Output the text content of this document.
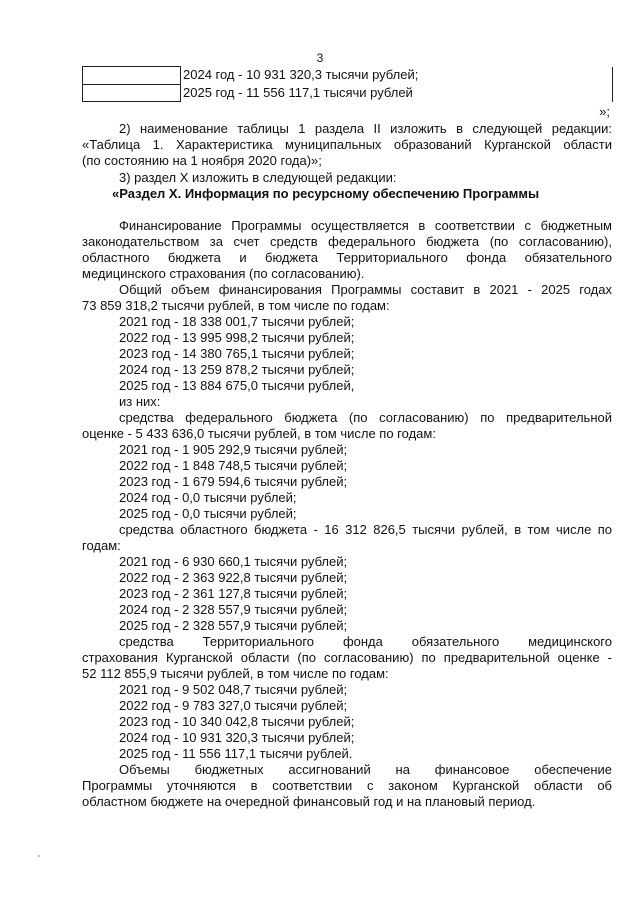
3
	2024 год - 10 931 320,3 тысячи рублей;
	2025 год - 11 556 117,1 тысячи рублей
»;
2) наименование таблицы 1 раздела II изложить в следующей редакции:
«Таблица 1. Характеристика муниципальных образований Курганской области
(по состоянию на 1 ноября 2020 года)»;
3) раздел X изложить в следующей редакции:
«Раздел X. Информация по ресурсному обеспечению Программы
Финансирование Программы осуществляется в соответствии с бюджетным
законодательством за счет средств федерального бюджета (по согласованию),
областного бюджета и бюджета Территориального фонда обязательного
медицинского страхования (по согласованию).
Общий объем финансирования Программы составит в 2021 - 2025 годах
73 859 318,2 тысячи рублей, в том числе по годам:
2021 год - 18 338 001,7 тысячи рублей;
2022 год - 13 995 998,2 тысячи рублей;
2023 год - 14 380 765,1 тысячи рублей;
2024 год - 13 259 878,2 тысячи рублей;
2025 год - 13 884 675,0 тысячи рублей,
из них:
средства федерального бюджета (по согласованию) по предварительной
оценке - 5 433 636,0 тысячи рублей, в том числе по годам:
2021 год - 1 905 292,9 тысячи рублей;
2022 год - 1 848 748,5 тысячи рублей;
2023 год - 1 679 594,6 тысячи рублей;
2024 год - 0,0 тысячи рублей;
2025 год - 0,0 тысячи рублей;
средства областного бюджета - 16 312 826,5 тысячи рублей, в том числе по
годам:
2021 год - 6 930 660,1 тысячи рублей;
2022 год - 2 363 922,8 тысячи рублей;
2023 год - 2 361 127,8 тысячи рублей;
2024 год - 2 328 557,9 тысячи рублей;
2025 год - 2 328 557,9 тысячи рублей;
средства Территориального фонда обязательного медицинского
страхования Курганской области (по согласованию) по предварительной оценке -
52 112 855,9 тысячи рублей, в том числе по годам:
2021 год - 9 502 048,7 тысячи рублей;
2022 год - 9 783 327,0 тысячи рублей;
2023 год - 10 340 042,8 тысячи рублей;
2024 год - 10 931 320,3 тысячи рублей;
2025 год - 11 556 117,1 тысячи рублей.
Объемы бюджетных ассигнований на финансовое обеспечение
Программы уточняются в соответствии с законом Курганской области об
областном бюджете на очередной финансовый год и на плановый период.
